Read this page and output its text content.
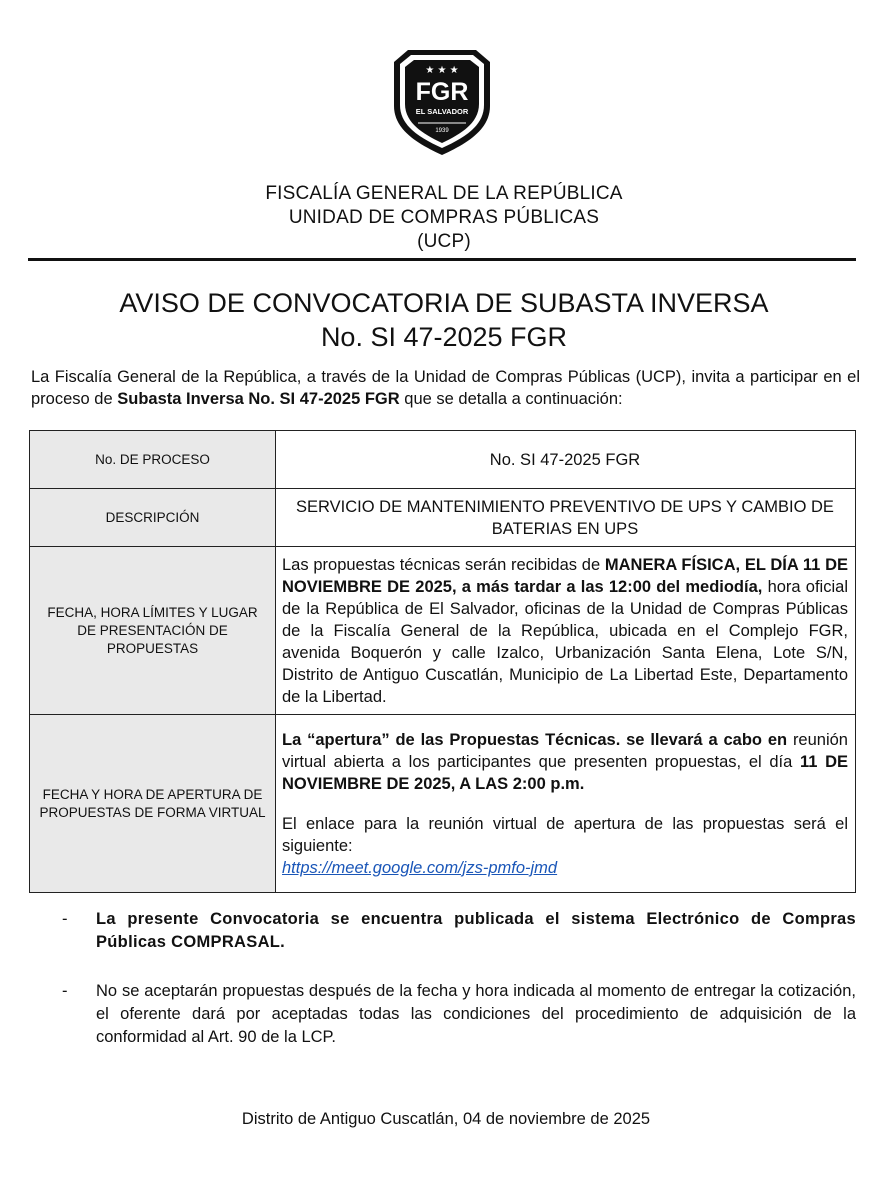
★ ★ ★
FGR
EL SALVADOR
1939
FISCALÍA GENERAL DE LA REPÚBLICA
UNIDAD DE COMPRAS PÚBLICAS
(UCP)
AVISO DE CONVOCATORIA DE SUBASTA INVERSA
No. SI 47-2025 FGR
La Fiscalía General de la República, a través de la Unidad de Compras Públicas (UCP), invita a participar en el proceso de Subasta Inversa No. SI 47-2025 FGR que se detalla a continuación:
No. DE PROCESO	No. SI 47-2025 FGR
DESCRIPCIÓN	SERVICIO DE MANTENIMIENTO PREVENTIVO DE UPS Y CAMBIO DE BATERIAS EN UPS
FECHA, HORA LÍMITES Y LUGAR DE PRESENTACIÓN DE PROPUESTAS	Las propuestas técnicas serán recibidas de MANERA FÍSICA, EL DÍA 11 DE NOVIEMBRE DE 2025, a más tardar a las 12:00 del mediodía, hora oficial de la República de El Salvador, oficinas de la Unidad de Compras Públicas de la Fiscalía General de la República, ubicada en el Complejo FGR, avenida Boquerón y calle Izalco, Urbanización Santa Elena, Lote S/N, Distrito de Antiguo Cuscatlán, Municipio de La Libertad Este, Departamento de la Libertad.
FECHA Y HORA DE APERTURA DE PROPUESTAS DE FORMA VIRTUAL	La “apertura” de las Propuestas Técnicas. se llevará a cabo en reunión virtual abierta a los participantes que presenten propuestas, el día 11 DE NOVIEMBRE DE 2025, A LAS 2:00 p.m.
El enlace para la reunión virtual de apertura de las propuestas será el siguiente:
https://meet.google.com/jzs-pmfo-jmd
-	La presente Convocatoria se encuentra publicada el sistema Electrónico de Compras Públicas COMPRASAL.
-	No se aceptarán propuestas después de la fecha y hora indicada al momento de entregar la cotización, el oferente dará por aceptadas todas las condiciones del procedimiento de adquisición de la conformidad al Art. 90 de la LCP.
Distrito de Antiguo Cuscatlán, 04 de noviembre de 2025
